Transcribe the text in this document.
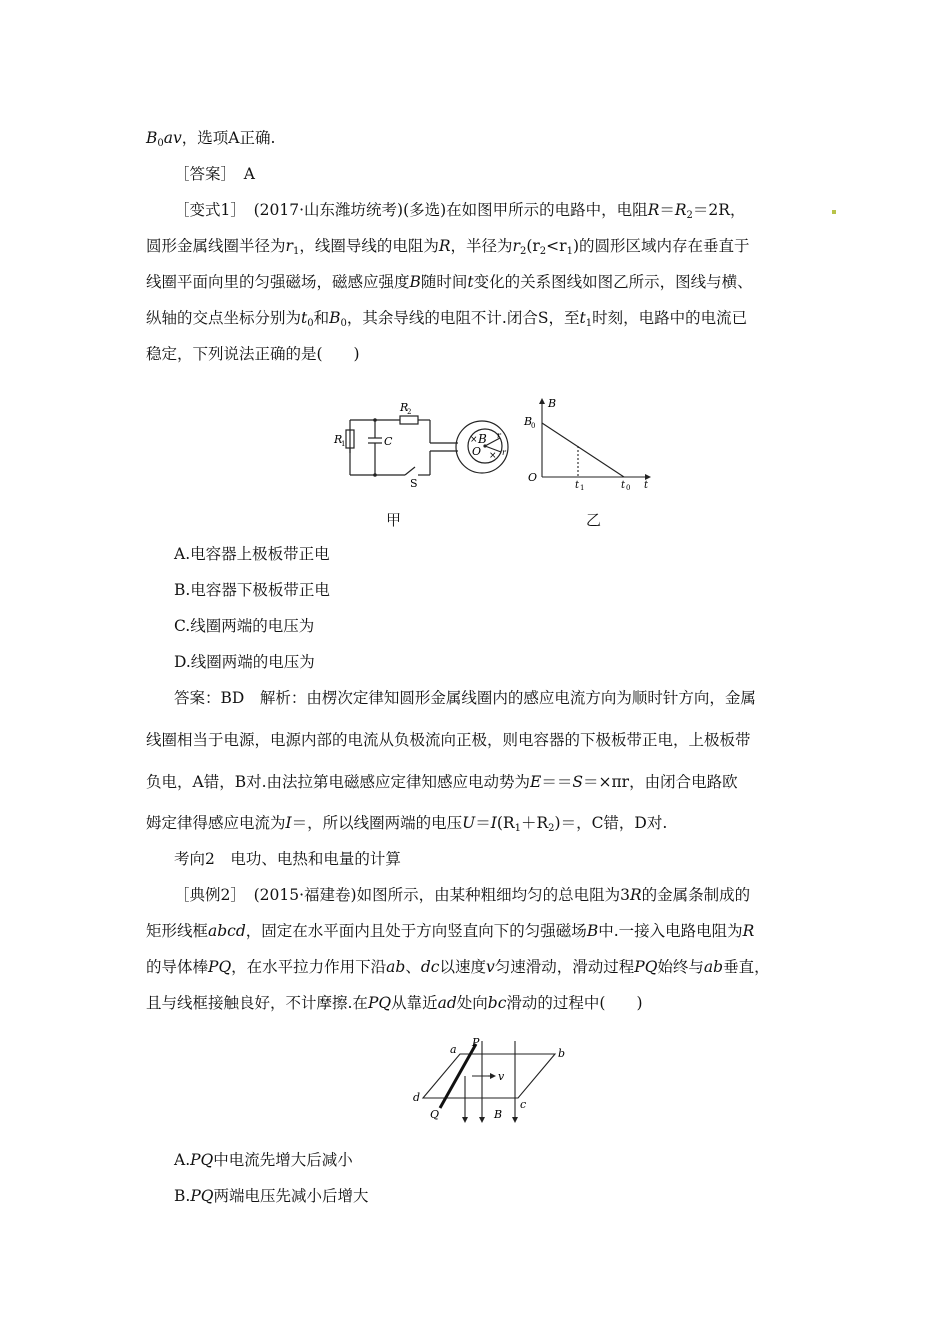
$B_0av$，选项A正确.
［答案］　A
［变式1］　(2017·山东潍坊统考)(多选)在如图甲所示的电路中，电阻$R=R_2=2R$，
圆形金属线圈半径为$r_1$，线圈导线的电阻为R，半径为$r_2(r_2<r_1)$的圆形区域内存在垂直于
线圈平面向里的匀强磁场，磁感应强度B随时间t变化的关系图线如图乙所示，图线与横、
纵轴的交点坐标分别为$t_0$和$B_0$，其余导线的电阻不计.闭合S，至$t_1$时刻，电路中的电流已
稳定，下列说法正确的是(　　)
R
1
R
2
C
S
B
O
×
×
r
r
B
B
0
O
t 1	t 0 t
甲	乙
A.电容器上极板带正电
B.电容器下极板带正电
C.线圈两端的电压为
D.线圈两端的电压为
答案：BD　解析：由楞次定律知圆形金属线圈内的感应电流方向为顺时针方向，金属
线圈相当于电源，电源内部的电流从负极流向正极，则电容器的下极板带正电，上极板带
负电，A错，B对.由法拉第电磁感应定律知感应电动势为E＝＝S＝×πr，由闭合电路欧
姆定律得感应电流为I＝，所以线圈两端的电压$U=I(R_1+R_2)=$，C错，D对.
考向2　电功、电热和电量的计算
［典例2］　(2015·福建卷)如图所示，由某种粗细均匀的总电阻为3R的金属条制成的
矩形线框abcd，固定在水平面内且处于方向竖直向下的匀强磁场B中.一接入电路电阻为R
的导体棒PQ，在水平拉力作用下沿ab、dc以速度v匀速滑动，滑动过程PQ始终与ab垂直，
且与线框接触良好，不计摩擦.在PQ从靠近ad处向bc滑动的过程中(　　)
a	b
c
d
P
Q
v
B
A.PQ中电流先增大后减小
B.PQ两端电压先减小后增大
